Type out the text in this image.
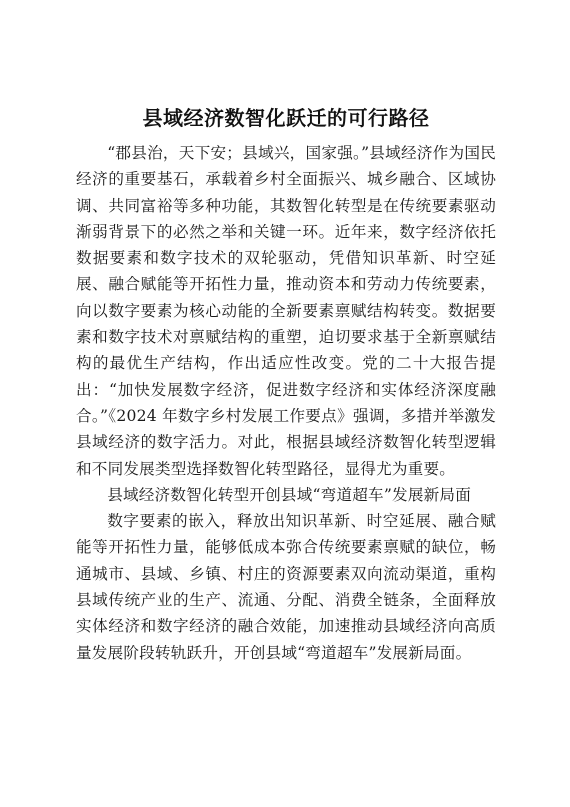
县域经济数智化跃迁的可行路径

“郡县治，天下安；县域兴，国家强。”县域经济作为国民经济的重要基石，承载着乡村全面振兴、城乡融合、区域协调、共同富裕等多种功能，其数智化转型是在传统要素驱动渐弱背景下的必然之举和关键一环。近年来，数字经济依托数据要素和数字技术的双轮驱动，凭借知识革新、时空延展、融合赋能等开拓性力量，推动资本和劳动力传统要素，向以数字要素为核心动能的全新要素禀赋结构转变。数据要素和数字技术对禀赋结构的重塑，迫切要求基于全新禀赋结构的最优生产结构，作出适应性改变。党的二十大报告提出：“加快发展数字经济，促进数字经济和实体经济深度融合。”《2024 年数字乡村发展工作要点》强调，多措并举激发县域经济的数字活力。对此，根据县域经济数智化转型逻辑和不同发展类型选择数智化转型路径，显得尤为重要。

县域经济数智化转型开创县域“弯道超车”发展新局面

数字要素的嵌入，释放出知识革新、时空延展、融合赋能等开拓性力量，能够低成本弥合传统要素禀赋的缺位，畅通城市、县域、乡镇、村庄的资源要素双向流动渠道，重构县域传统产业的生产、流通、分配、消费全链条，全面释放实体经济和数字经济的融合效能，加速推动县域经济向高质量发展阶段转轨跃升，开创县域“弯道超车”发展新局面。
